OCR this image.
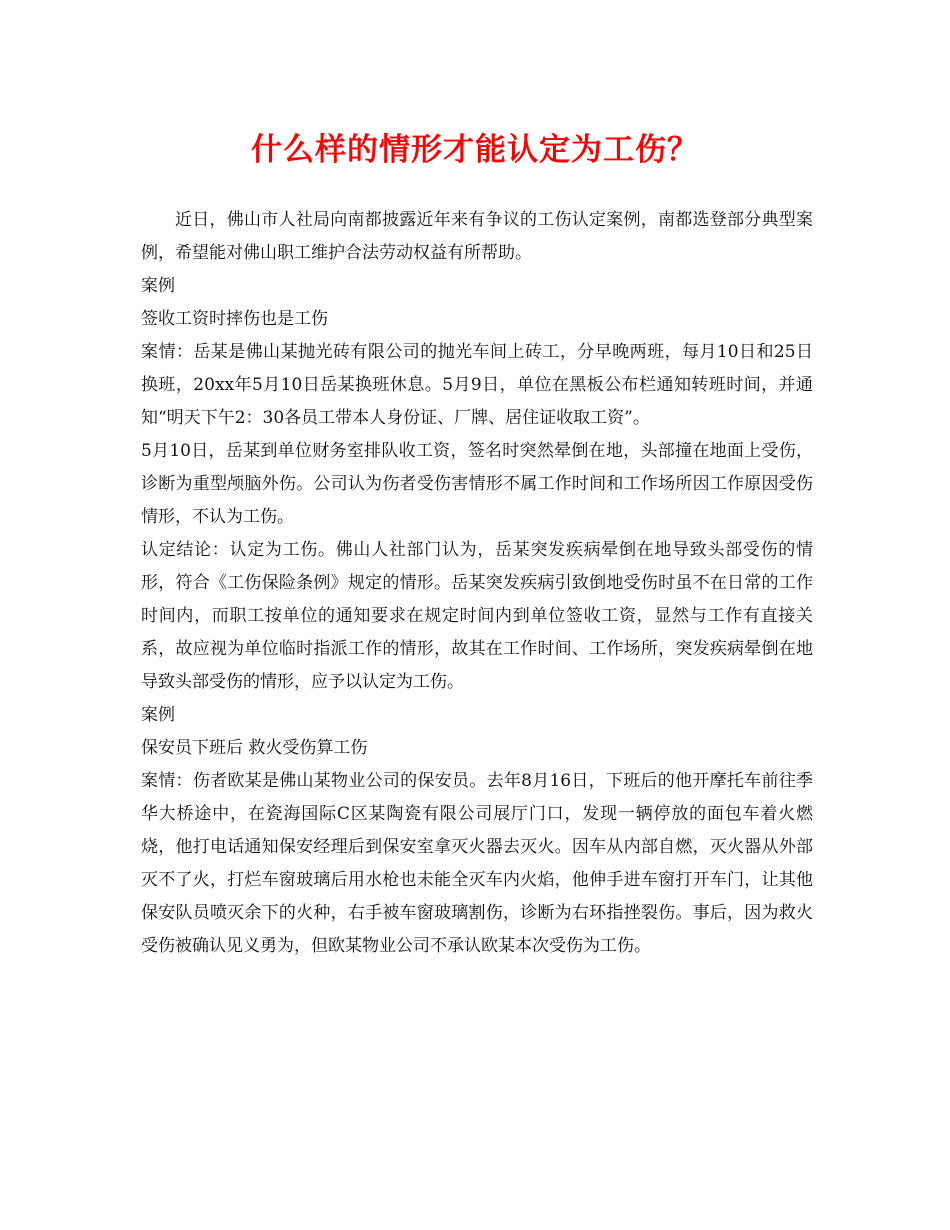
什么样的情形才能认定为工伤？

近日，佛山市人社局向南都披露近年来有争议的工伤认定案例，南都选登部分典型案例，希望能对佛山职工维护合法劳动权益有所帮助。

案例

签收工资时摔伤也是工伤

案情：岳某是佛山某抛光砖有限公司的抛光车间上砖工，分早晚两班，每月10日和25日换班，20xx年5月10日岳某换班休息。5月9日，单位在黑板公布栏通知转班时间，并通知“明天下午2：30各员工带本人身份证、厂牌、居住证收取工资”。

5月10日，岳某到单位财务室排队收工资，签名时突然晕倒在地，头部撞在地面上受伤，诊断为重型颅脑外伤。公司认为伤者受伤害情形不属工作时间和工作场所因工作原因受伤情形，不认为工伤。

认定结论：认定为工伤。佛山人社部门认为，岳某突发疾病晕倒在地导致头部受伤的情形，符合《工伤保险条例》规定的情形。岳某突发疾病引致倒地受伤时虽不在日常的工作时间内，而职工按单位的通知要求在规定时间内到单位签收工资，显然与工作有直接关系，故应视为单位临时指派工作的情形，故其在工作时间、工作场所，突发疾病晕倒在地导致头部受伤的情形，应予以认定为工伤。

案例

保安员下班后 救火受伤算工伤

案情：伤者欧某是佛山某物业公司的保安员。去年8月16日，下班后的他开摩托车前往季华大桥途中，在瓷海国际C区某陶瓷有限公司展厅门口，发现一辆停放的面包车着火燃烧，他打电话通知保安经理后到保安室拿灭火器去灭火。因车从内部自燃，灭火器从外部灭不了火，打烂车窗玻璃后用水枪也未能全灭车内火焰，他伸手进车窗打开车门，让其他保安队员喷灭余下的火种，右手被车窗玻璃割伤，诊断为右环指挫裂伤。事后，因为救火受伤被确认见义勇为，但欧某物业公司不承认欧某本次受伤为工伤。
